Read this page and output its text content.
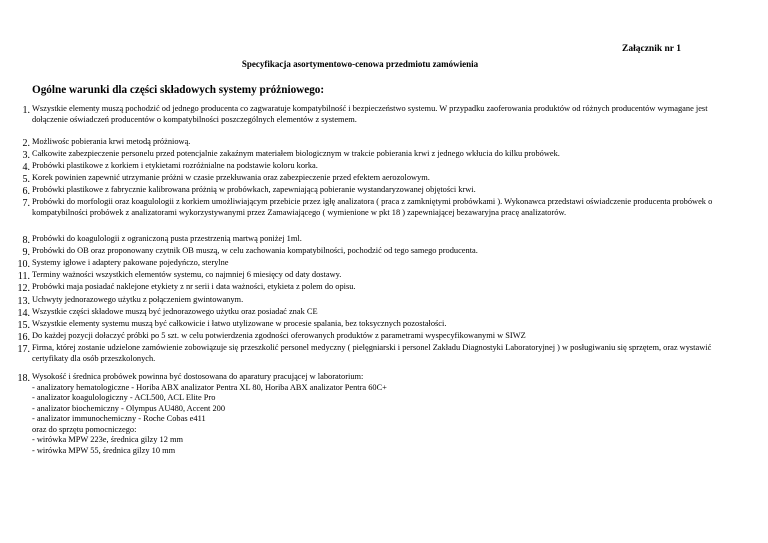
Załącznik nr 1
Specyfikacja asortymentowo-cenowa przedmiotu zamówienia
Ogólne warunki dla części składowych systemy próżniowego:
1. Wszystkie elementy muszą pochodzić od jednego producenta co zagwaratuje kompatybilność i bezpieczeństwo systemu. W przypadku zaoferowania produktów od różnych producentów wymagane jest dołączenie oświadczeń producentów o kompatybilności poszczególnych elementów z systemem.
2. Możliwośc pobierania krwi metodą próżniową.
3. Całkowite zabezpieczenie personelu przed potencjalnie zakaźnym materiałem biologicznym w trakcie pobierania krwi z jednego wkłucia do kilku probówek.
4. Probówki plastikowe z korkiem i etykietami rozróżnialne na podstawie koloru korka.
5. Korek powinien zapewnić utrzymanie próżni w czasie przekłuwania oraz zabezpieczenie przed efektem aerozolowym.
6. Probówki plastikowe z fabrycznie kalibrowana próżnią w probówkach, zapewniającą pobieranie wystandaryzowanej objętości krwi.
7. Probówki do morfologii oraz koagulologii z korkiem umożliwiającym przebicie przez igłę analizatora ( praca z zamkniętymi probówkami ). Wykonawca przedstawi oświadczenie producenta probówek o kompatybilności probówek z analizatorami wykorzystywanymi przez Zamawiającego ( wymienione w pkt 18 ) zapewniającej bezawaryjna pracę analizatorów.
8. Probówki do koagulologii z ograniczoną pusta przestrzenią martwą poniżej 1ml.
9. Probówki do OB oraz proponowany czytnik OB muszą, w celu zachowania kompatybilności, pochodzić od tego samego producenta.
10. Systemy igłowe i adaptery pakowane pojedyńczo, sterylne
11. Terminy ważności wszystkich elementów systemu, co najmniej 6 miesięcy od daty dostawy.
12. Probówki maja posiadać naklejone etykiety z nr serii i data ważności, etykieta z polem do opisu.
13. Uchwyty jednorazowego użytku z połączeniem gwintowanym.
14. Wszystkie części składowe muszą być jednorazowego użytku oraz posiadać znak CE
15. Wszystkie elementy systemu muszą być całkowicie i łatwo utylizowane w procesie spalania, bez toksycznych pozostałości.
16. Do każdej pozycji dołaczyć próbki po 5 szt. w celu potwierdzenia zgodności oferowanych produktów z parametrami wyspecyfikowanymi w SIWZ
17. Firma, której zostanie udzielone zamówienie zobowiązuje się przeszkolić personel medyczny ( pielęgniarski i personel Zakładu Diagnostyki Laboratoryjnej ) w posługiwaniu się sprzętem, oraz wystawić certyfikaty dla osób przeszkolonych.
18. Wysokość i średnica probówek powinna być dostosowana do aparatury pracującej w laboratorium:
- analizatory hematologiczne - Horiba ABX analizator Pentra XL 80, Horiba ABX analizator Pentra 60C+
- analizator koagulologiczny - ACL500, ACL Elite Pro
- analizator biochemiczny - Olympus AU480, Accent 200
- analizator immunochemiczny - Roche Cobas e411
oraz do sprzętu pomocniczego:
- wirówka MPW 223e, średnica gilzy 12 mm
- wirówka MPW 55, średnica gilzy 10 mm
